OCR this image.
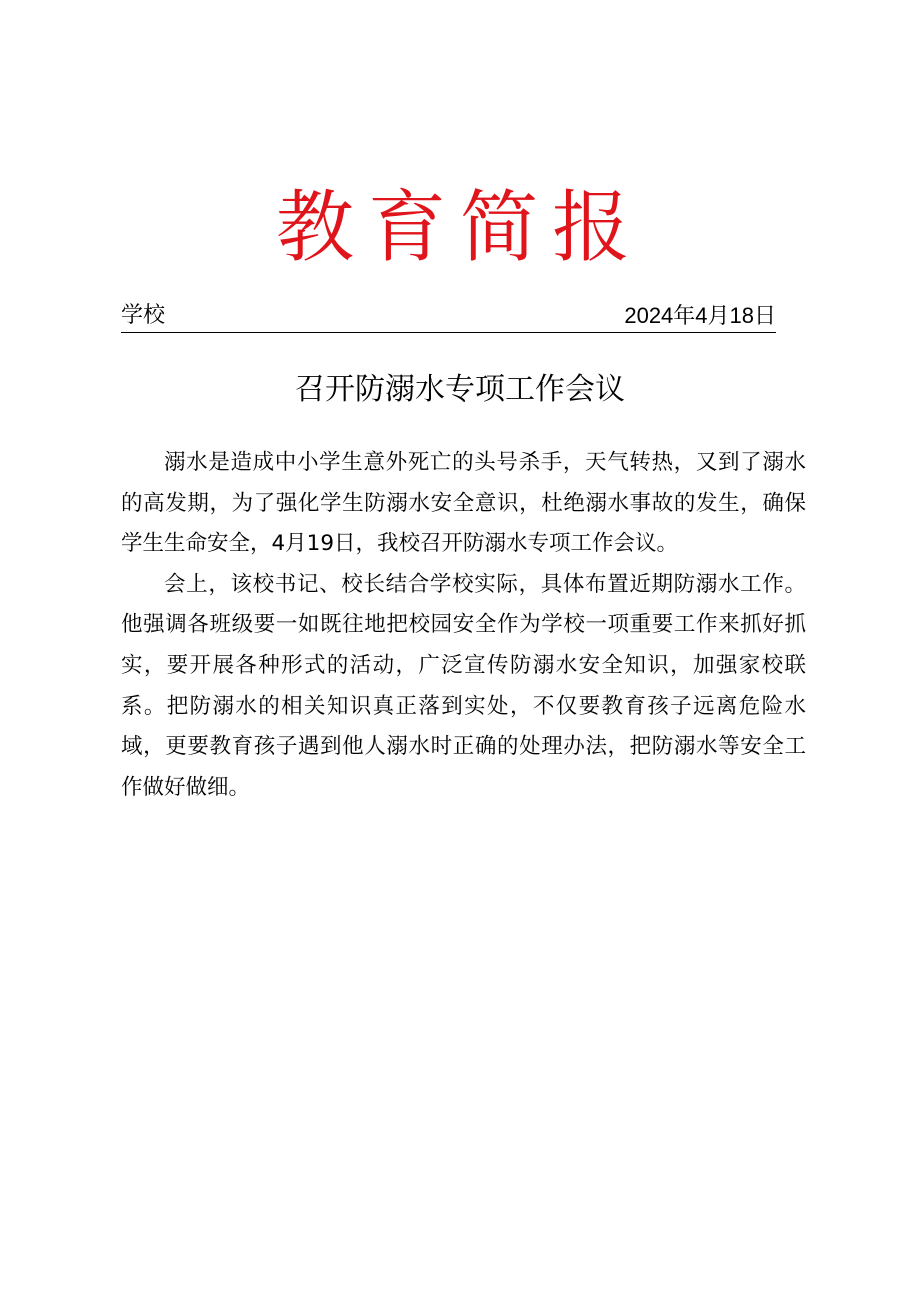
教育简报
学校	2024年4月18日
召开防溺水专项工作会议

溺水是造成中小学生意外死亡的头号杀手，天气转热，又到了溺水的高发期，为了强化学生防溺水安全意识，杜绝溺水事故的发生，确保学生生命安全，4月19日，我校召开防溺水专项工作会议。

会上，该校书记、校长结合学校实际，具体布置近期防溺水工作。他强调各班级要一如既往地把校园安全作为学校一项重要工作来抓好抓实，要开展各种形式的活动，广泛宣传防溺水安全知识，加强家校联系。把防溺水的相关知识真正落到实处，不仅要教育孩子远离危险水域，更要教育孩子遇到他人溺水时正确的处理办法，把防溺水等安全工作做好做细。
